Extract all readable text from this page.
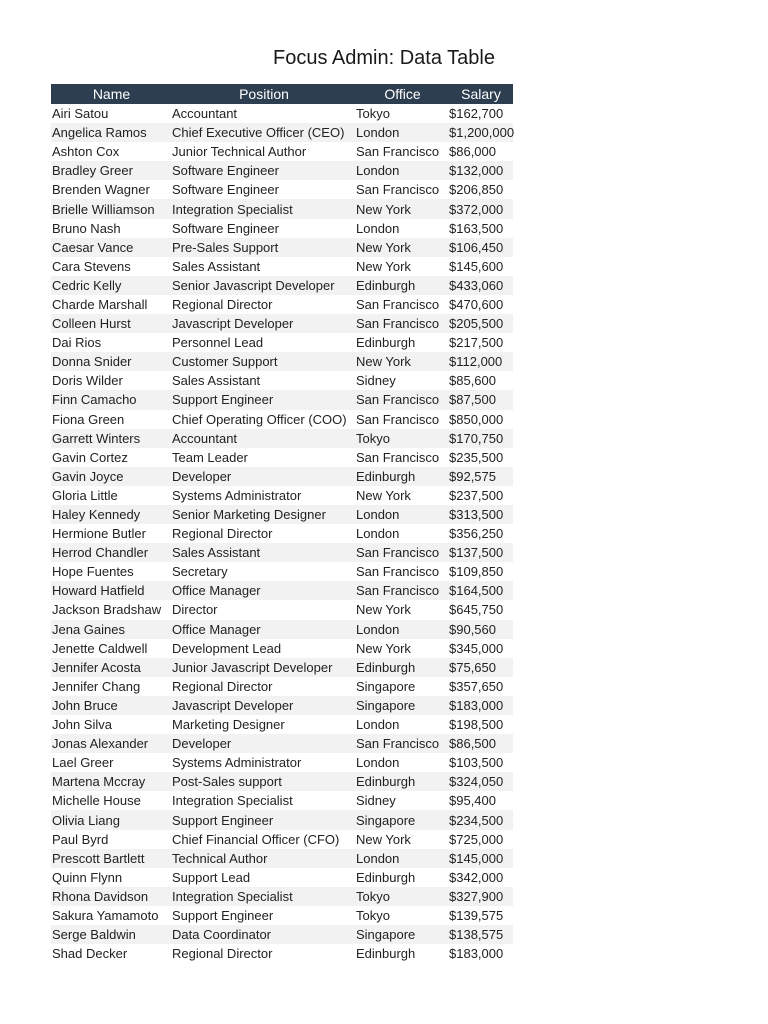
Focus Admin: Data Table
Name	Position	Office	Salary
Airi Satou	Accountant	Tokyo	$162,700
Angelica Ramos	Chief Executive Officer (CEO)	London	$1,200,000
Ashton Cox	Junior Technical Author	San Francisco	$86,000
Bradley Greer	Software Engineer	London	$132,000
Brenden Wagner	Software Engineer	San Francisco	$206,850
Brielle Williamson	Integration Specialist	New York	$372,000
Bruno Nash	Software Engineer	London	$163,500
Caesar Vance	Pre-Sales Support	New York	$106,450
Cara Stevens	Sales Assistant	New York	$145,600
Cedric Kelly	Senior Javascript Developer	Edinburgh	$433,060
Charde Marshall	Regional Director	San Francisco	$470,600
Colleen Hurst	Javascript Developer	San Francisco	$205,500
Dai Rios	Personnel Lead	Edinburgh	$217,500
Donna Snider	Customer Support	New York	$112,000
Doris Wilder	Sales Assistant	Sidney	$85,600
Finn Camacho	Support Engineer	San Francisco	$87,500
Fiona Green	Chief Operating Officer (COO)	San Francisco	$850,000
Garrett Winters	Accountant	Tokyo	$170,750
Gavin Cortez	Team Leader	San Francisco	$235,500
Gavin Joyce	Developer	Edinburgh	$92,575
Gloria Little	Systems Administrator	New York	$237,500
Haley Kennedy	Senior Marketing Designer	London	$313,500
Hermione Butler	Regional Director	London	$356,250
Herrod Chandler	Sales Assistant	San Francisco	$137,500
Hope Fuentes	Secretary	San Francisco	$109,850
Howard Hatfield	Office Manager	San Francisco	$164,500
Jackson Bradshaw	Director	New York	$645,750
Jena Gaines	Office Manager	London	$90,560
Jenette Caldwell	Development Lead	New York	$345,000
Jennifer Acosta	Junior Javascript Developer	Edinburgh	$75,650
Jennifer Chang	Regional Director	Singapore	$357,650
John Bruce	Javascript Developer	Singapore	$183,000
John Silva	Marketing Designer	London	$198,500
Jonas Alexander	Developer	San Francisco	$86,500
Lael Greer	Systems Administrator	London	$103,500
Martena Mccray	Post-Sales support	Edinburgh	$324,050
Michelle House	Integration Specialist	Sidney	$95,400
Olivia Liang	Support Engineer	Singapore	$234,500
Paul Byrd	Chief Financial Officer (CFO)	New York	$725,000
Prescott Bartlett	Technical Author	London	$145,000
Quinn Flynn	Support Lead	Edinburgh	$342,000
Rhona Davidson	Integration Specialist	Tokyo	$327,900
Sakura Yamamoto	Support Engineer	Tokyo	$139,575
Serge Baldwin	Data Coordinator	Singapore	$138,575
Shad Decker	Regional Director	Edinburgh	$183,000
